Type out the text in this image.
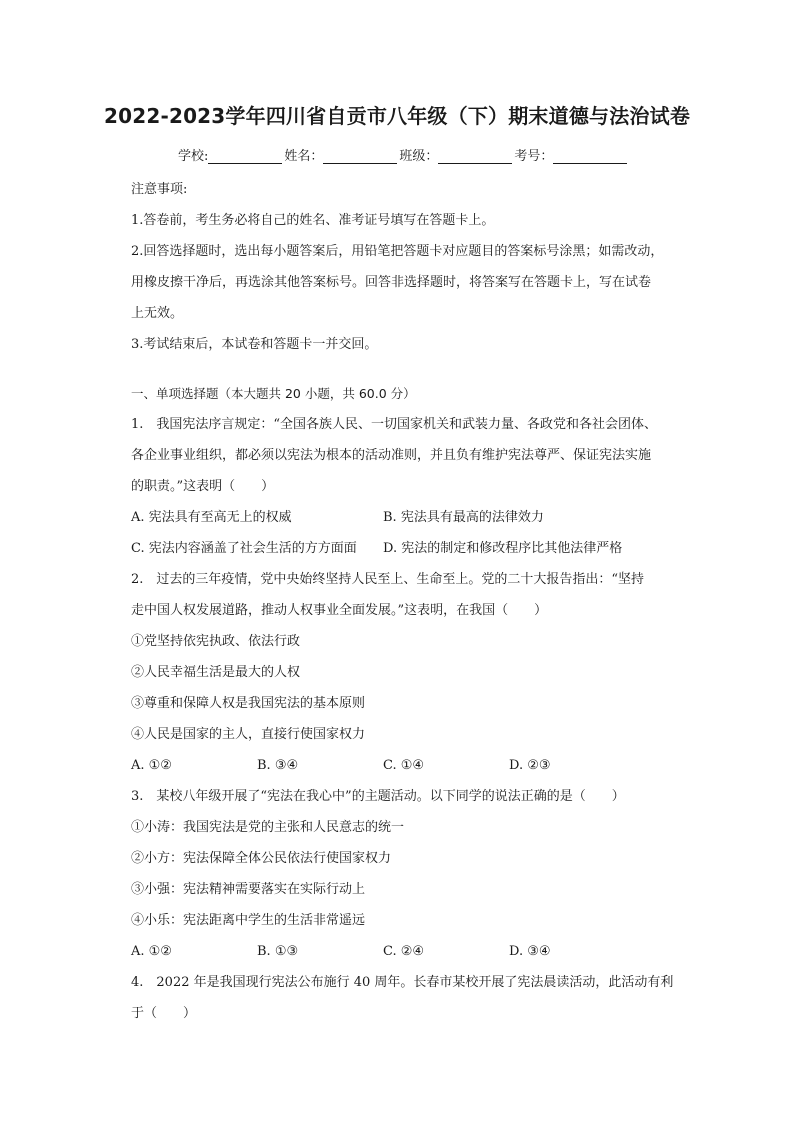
2022-2023学年四川省自贡市八年级（下）期末道德与法治试卷
学校:	姓名：	班级：	考号：
注意事项:
1.答卷前，考生务必将自己的姓名、准考证号填写在答题卡上。
2.回答选择题时，选出每小题答案后，用铅笔把答题卡对应题目的答案标号涂黑；如需改动，
用橡皮擦干净后，再选涂其他答案标号。回答非选择题时，将答案写在答题卡上，写在试卷
上无效。
3.考试结束后，本试卷和答题卡一并交回。
一、单项选择题（本大题共 20 小题，共 60.0 分）
1.　我国宪法序言规定：“全国各族人民、一切国家机关和武装力量、各政党和各社会团体、
各企业事业组织，都必须以宪法为根本的活动准则，并且负有维护宪法尊严、保证宪法实施
的职责。”这表明（　　）
A. 宪法具有至高无上的权威	B. 宪法具有最高的法律效力
C. 宪法内容涵盖了社会生活的方方面面	D. 宪法的制定和修改程序比其他法律严格
2.　过去的三年疫情，党中央始终坚持人民至上、生命至上。党的二十大报告指出：“坚持
走中国人权发展道路，推动人权事业全面发展。”这表明，在我国（　　）
①党坚持依宪执政、依法行政
②人民幸福生活是最大的人权
③尊重和保障人权是我国宪法的基本原则
④人民是国家的主人，直接行使国家权力
A. ①②	B. ③④	C. ①④	D. ②③
3.　某校八年级开展了“宪法在我心中”的主题活动。以下同学的说法正确的是（　　）
①小涛：我国宪法是党的主张和人民意志的统一
②小方：宪法保障全体公民依法行使国家权力
③小强：宪法精神需要落实在实际行动上
④小乐：宪法距离中学生的生活非常遥远
A. ①②	B. ①③	C. ②④	D. ③④
4.　2022 年是我国现行宪法公布施行 40 周年。长春市某校开展了宪法晨读活动，此活动有利
于（　　）
